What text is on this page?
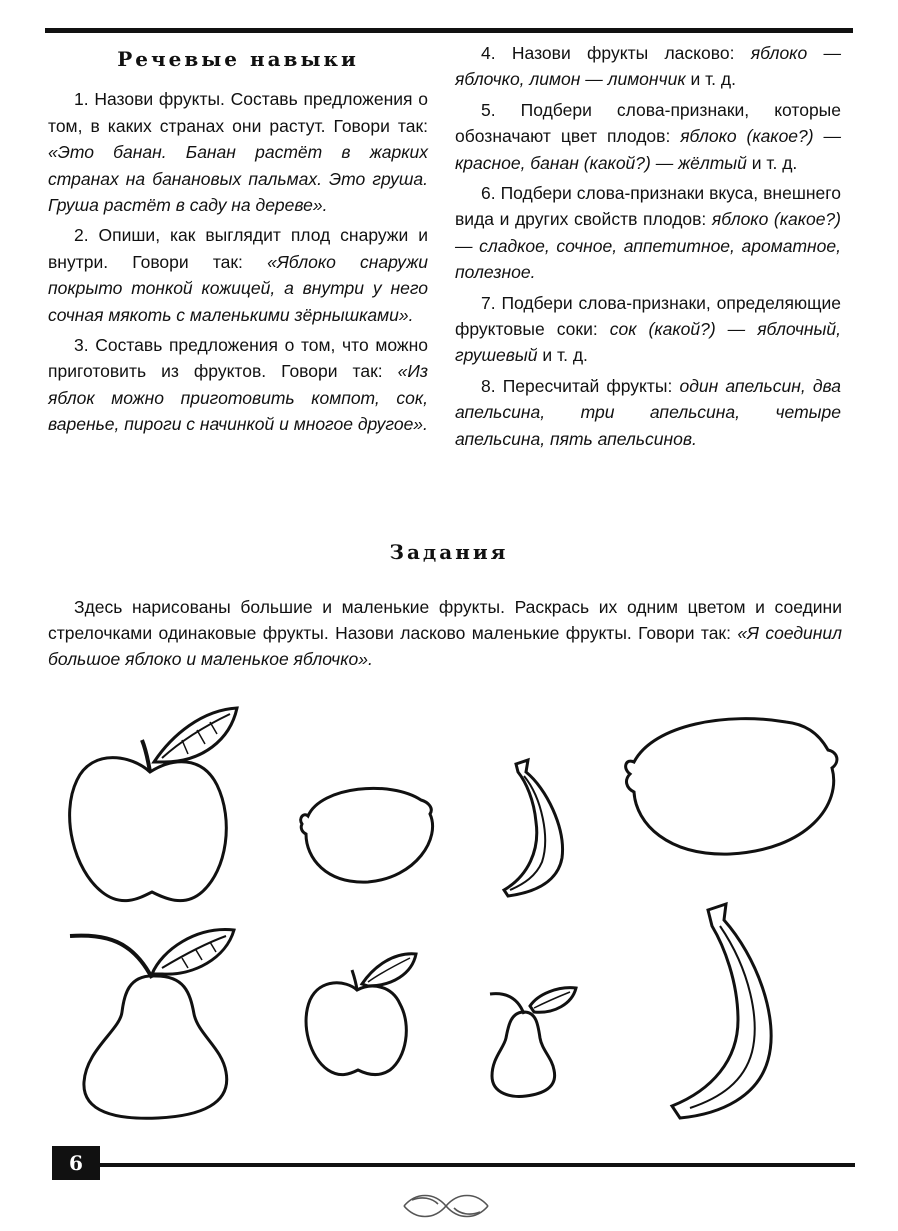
Речевые навыки

1. Назови фрукты. Составь предложения о том, в каких странах они растут. Говори так: «Это банан. Банан растёт в жарких странах на банановых пальмах. Это груша. Груша растёт в саду на дереве».

2. Опиши, как выглядит плод снаружи и внутри. Говори так: «Яблоко снаружи покрыто тонкой кожицей, а внутри у него сочная мякоть с маленькими зёрнышками».

3. Составь предложения о том, что можно приготовить из фруктов. Говори так: «Из яблок можно приготовить компот, сок, варенье, пироги с начинкой и многое другое».

4. Назови фрукты ласково: яблоко — яблочко, лимон — лимончик и т. д.

5. Подбери слова-признаки, которые обозначают цвет плодов: яблоко (какое?) — красное, банан (какой?) — жёлтый и т. д.

6. Подбери слова-признаки вкуса, внешнего вида и других свойств плодов: яблоко (какое?) — сладкое, сочное, аппетитное, ароматное, полезное.

7. Подбери слова-признаки, определяющие фруктовые соки: сок (какой?) — яблочный, грушевый и т. д.

8. Пересчитай фрукты: один апельсин, два апельсина, три апельсина, четыре апельсина, пять апельсинов.

Задания
Здесь нарисованы большие и маленькие фрукты. Раскрась их одним цветом и соедини стрелочками одинаковые фрукты. Назови ласково маленькие фрукты. Говори так: «Я соединил большое яблоко и маленькое яблочко».
6
